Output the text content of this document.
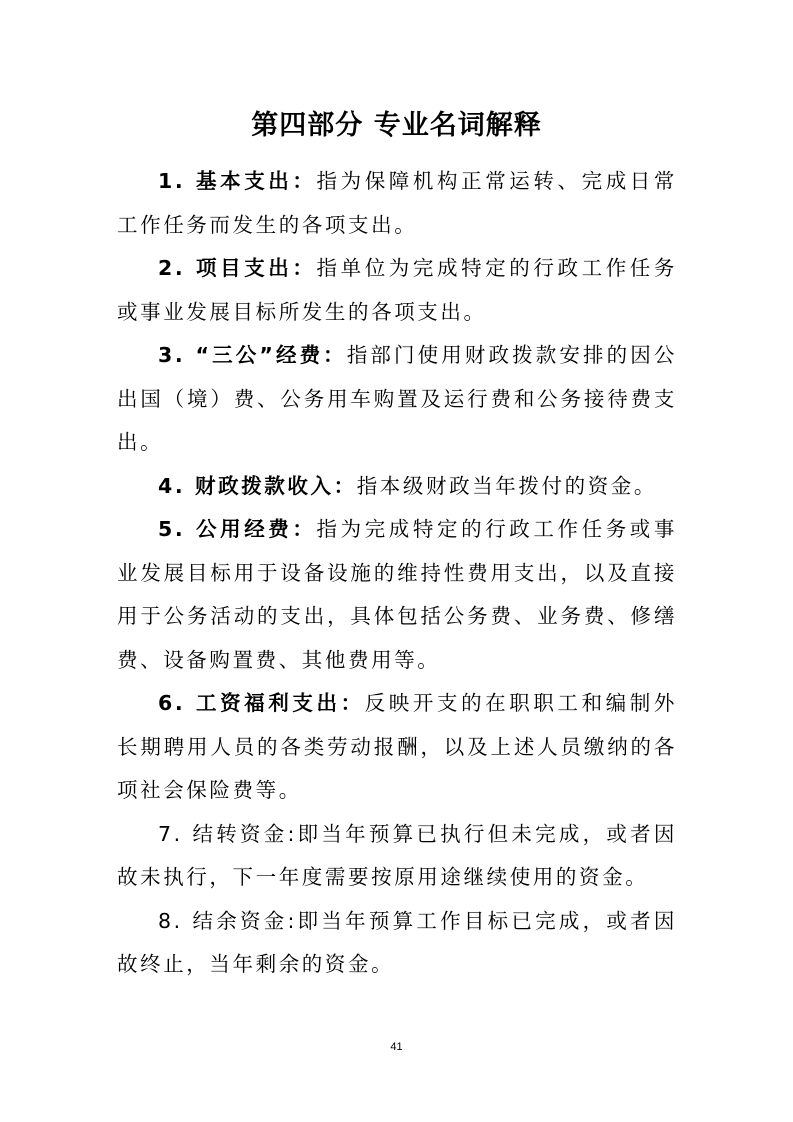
第四部分 专业名词解释

1. 基本支出：指为保障机构正常运转、完成日常工作任务而发生的各项支出。

2. 项目支出：指单位为完成特定的行政工作任务或事业发展目标所发生的各项支出。

3. “三公”经费：指部门使用财政拨款安排的因公出国（境）费、公务用车购置及运行费和公务接待费支出。

4. 财政拨款收入：指本级财政当年拨付的资金。

5. 公用经费：指为完成特定的行政工作任务或事业发展目标用于设备设施的维持性费用支出，以及直接用于公务活动的支出，具体包括公务费、业务费、修缮费、设备购置费、其他费用等。

6. 工资福利支出：反映开支的在职职工和编制外长期聘用人员的各类劳动报酬，以及上述人员缴纳的各项社会保险费等。

7. 结转资金:即当年预算已执行但未完成，或者因故未执行，下一年度需要按原用途继续使用的资金。

8. 结余资金:即当年预算工作目标已完成，或者因故终止，当年剩余的资金。

41
